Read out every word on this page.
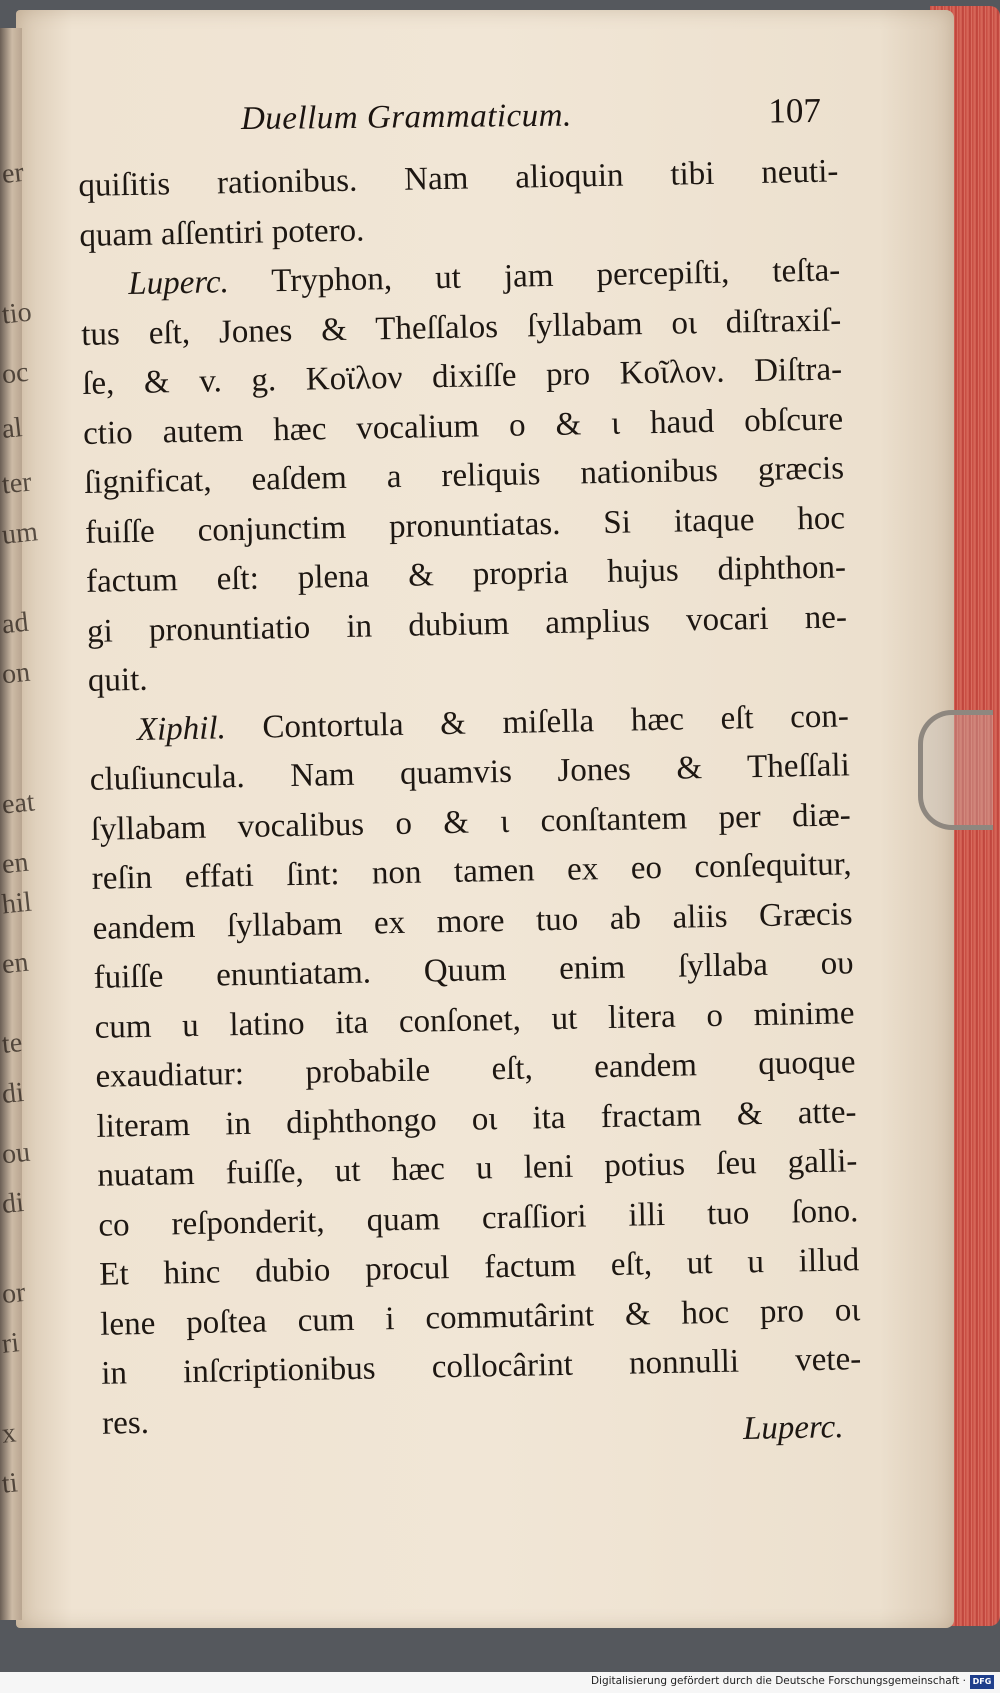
Duellum Grammaticum.	107
quiſitis rationibus. Nam alioquin tibi neuti-
quam aſſentiri potero.
Luperc. Tryphon, ut jam percepiſti, teſta-
tus eſt, Jones & Theſſalos ſyllabam οι diſtraxiſ-
ſe, & v. g. Κοϊλον dixiſſe pro Κοῖλον. Diſtra-
ctio autem hæc vocalium ο & ι haud obſcure
ſignificat, eaſdem a reliquis nationibus græcis
fuiſſe conjunctim pronuntiatas. Si itaque hoc
factum eſt: plena & propria hujus diphthon-
gi pronuntiatio in dubium amplius vocari ne-
quit.
Xiphil. Contortula & miſella hæc eſt con-
cluſiuncula. Nam quamvis Jones & Theſſali
ſyllabam vocalibus ο & ι conſtantem per diæ-
reſin effati ſint: non tamen ex eo conſequitur,
eandem ſyllabam ex more tuo ab aliis Græcis
fuiſſe enuntiatam. Quum enim ſyllaba ου
cum u latino ita conſonet, ut litera ο minime
exaudiatur: probabile eſt, eandem quoque
literam in diphthongo οι ita fractam & atte-
nuatam fuiſſe, ut hæc u leni potius ſeu galli-
co reſponderit, quam craſſiori illi tuo ſono.
Et hinc dubio procul factum eſt, ut u illud
lene poſtea cum i commutârint & hoc pro οι
in inſcriptionibus collocârint nonnulli vete-
res.	Luperc.
er
tio
oc
al
ter
um
ad
on
eat
en
hil
en
te
di
ou
di
or
ri
x
ti
Digitalisierung gefördert durch die Deutsche Forschungsgemeinschaft · DFG
